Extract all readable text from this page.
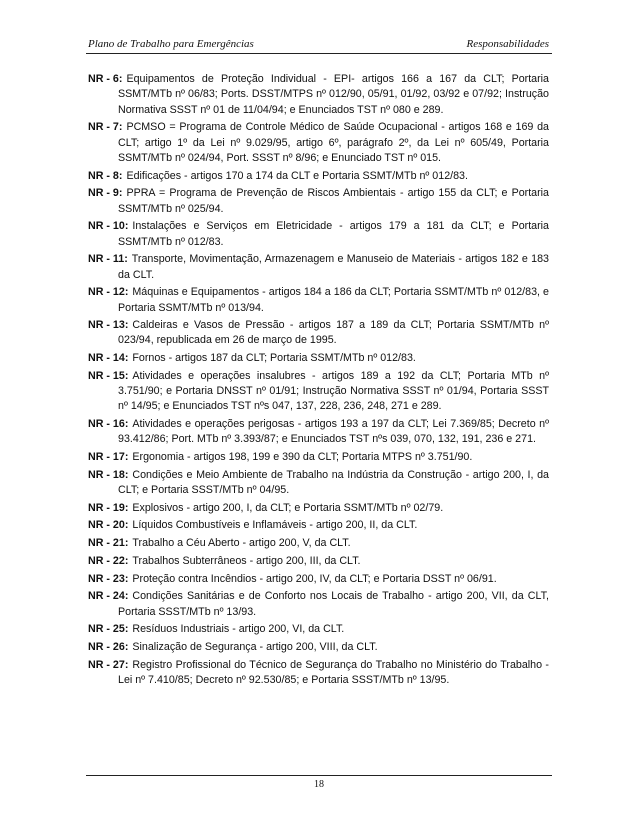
Plano de Trabalho para Emergências	Responsabilidades
NR - 6: Equipamentos de Proteção Individual - EPI- artigos 166 a 167 da CLT; Portaria SSMT/MTb nº 06/83; Ports. DSST/MTPS nº 012/90, 05/91, 01/92, 03/92 e 07/92; Instrução Normativa SSST nº 01 de 11/04/94; e Enunciados TST nº 080 e 289.
NR - 7: PCMSO = Programa de Controle Médico de Saúde Ocupacional - artigos 168 e 169 da CLT; artigo 1º da Lei nº 9.029/95, artigo 6º, parágrafo 2º, da Lei nº 605/49, Portaria SSMT/MTb nº 024/94, Port. SSST nº 8/96; e Enunciado TST nº 015.
NR - 8: Edificações - artigos 170 a 174 da CLT e Portaria SSMT/MTb nº 012/83.
NR - 9: PPRA = Programa de Prevenção de Riscos Ambientais - artigo 155 da CLT; e Portaria SSMT/MTb nº 025/94.
NR - 10: Instalações e Serviços em Eletricidade - artigos 179 a 181 da CLT; e Portaria SSMT/MTb nº 012/83.
NR - 11: Transporte, Movimentação, Armazenagem e Manuseio de Materiais - artigos 182 e 183 da CLT.
NR - 12: Máquinas e Equipamentos - artigos 184 a 186 da CLT; Portaria SSMT/MTb nº 012/83, e Portaria SSMT/MTb nº 013/94.
NR - 13: Caldeiras e Vasos de Pressão - artigos 187 a 189 da CLT; Portaria SSMT/MTb nº 023/94, republicada em 26 de março de 1995.
NR - 14: Fornos - artigos 187 da CLT; Portaria SSMT/MTb nº 012/83.
NR - 15: Atividades e operações insalubres - artigos 189 a 192 da CLT; Portaria MTb nº 3.751/90; e Portaria DNSST nº 01/91; Instrução Normativa SSST nº 01/94, Portaria SSST nº 14/95; e Enunciados TST nºs 047, 137, 228, 236, 248, 271 e 289.
NR - 16: Atividades e operações perigosas - artigos 193 a 197 da CLT; Lei 7.369/85; Decreto nº 93.412/86; Port. MTb nº 3.393/87; e Enunciados TST nºs 039, 070, 132, 191, 236 e 271.
NR - 17: Ergonomia - artigos 198, 199 e 390 da CLT; Portaria MTPS nº 3.751/90.
NR - 18: Condições e Meio Ambiente de Trabalho na Indústria da Construção - artigo 200, I, da CLT; e Portaria SSST/MTb nº 04/95.
NR - 19: Explosivos - artigo 200, I, da CLT; e Portaria SSMT/MTb nº 02/79.
NR - 20: Líquidos Combustíveis e Inflamáveis - artigo 200, II, da CLT.
NR - 21: Trabalho a Céu Aberto - artigo 200, V, da CLT.
NR - 22: Trabalhos Subterrâneos - artigo 200, III, da CLT.
NR - 23: Proteção contra Incêndios - artigo 200, IV, da CLT; e Portaria DSST nº 06/91.
NR - 24: Condições Sanitárias e de Conforto nos Locais de Trabalho - artigo 200, VII, da CLT, Portaria SSST/MTb nº 13/93.
NR - 25: Resíduos Industriais - artigo 200, VI, da CLT.
NR - 26: Sinalização de Segurança - artigo 200, VIII, da CLT.
NR - 27: Registro Profissional do Técnico de Segurança do Trabalho no Ministério do Trabalho - Lei nº 7.410/85; Decreto nº 92.530/85; e Portaria SSST/MTb nº 13/95.
18
